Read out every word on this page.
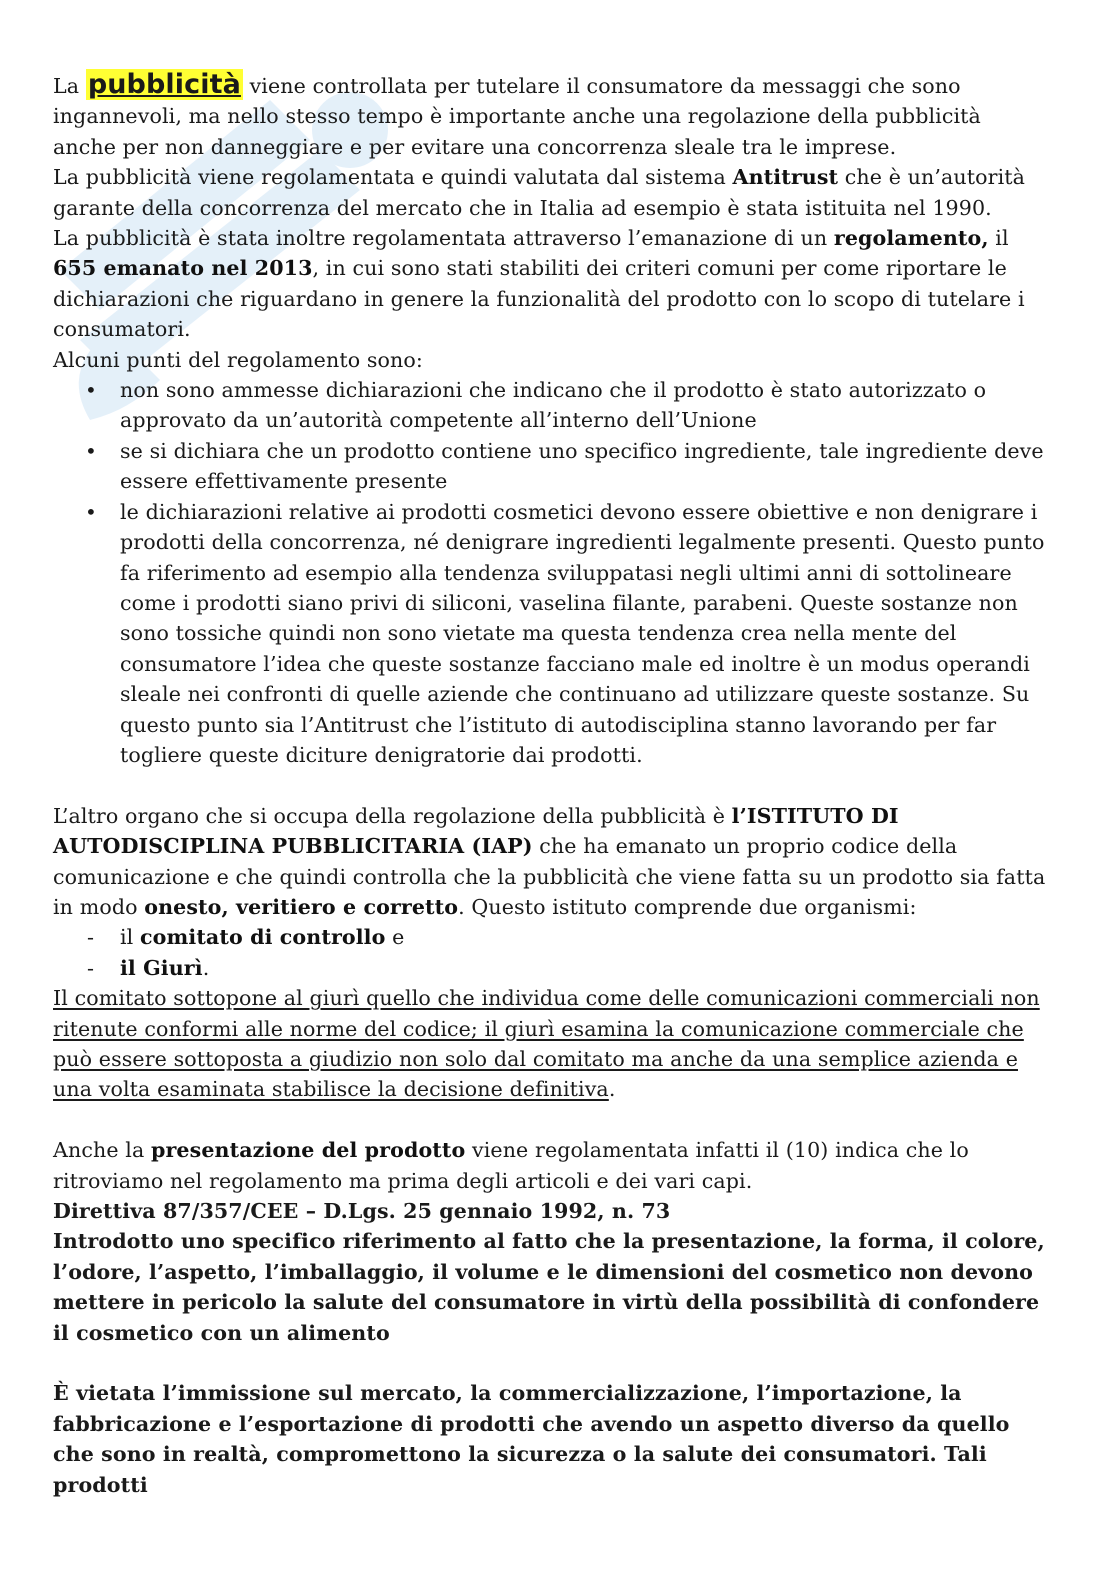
La pubblicità viene controllata per tutelare il consumatore da messaggi che sono ingannevoli, ma nello stesso tempo è importante anche una regolazione della pubblicità anche per non danneggiare e per evitare una concorrenza sleale tra le imprese.

La pubblicità viene regolamentata e quindi valutata dal sistema Antitrust che è un’autorità garante della concorrenza del mercato che in Italia ad esempio è stata istituita nel 1990.

La pubblicità è stata inoltre regolamentata attraverso l’emanazione di un regolamento, il 655 emanato nel 2013, in cui sono stati stabiliti dei criteri comuni per come riportare le dichiarazioni che riguardano in genere la funzionalità del prodotto con lo scopo di tutelare i consumatori.

Alcuni punti del regolamento sono:

• non sono ammesse dichiarazioni che indicano che il prodotto è stato autorizzato o approvato da un’autorità competente all’interno dell’Unione
• se si dichiara che un prodotto contiene uno specifico ingrediente, tale ingrediente deve essere effettivamente presente
• le dichiarazioni relative ai prodotti cosmetici devono essere obiettive e non denigrare i prodotti della concorrenza, né denigrare ingredienti legalmente presenti. Questo punto fa riferimento ad esempio alla tendenza sviluppatasi negli ultimi anni di sottolineare come i prodotti siano privi di siliconi, vaselina filante, parabeni. Queste sostanze non sono tossiche quindi non sono vietate ma questa tendenza crea nella mente del consumatore l’idea che queste sostanze facciano male ed inoltre è un modus operandi sleale nei confronti di quelle aziende che continuano ad utilizzare queste sostanze. Su questo punto sia l’Antitrust che l’istituto di autodisciplina stanno lavorando per far togliere queste diciture denigratorie dai prodotti.

L’altro organo che si occupa della regolazione della pubblicità è l’ISTITUTO DI AUTODISCIPLINA PUBBLICITARIA (IAP) che ha emanato un proprio codice della comunicazione e che quindi controlla che la pubblicità che viene fatta su un prodotto sia fatta in modo onesto, veritiero e corretto. Questo istituto comprende due organismi:

- il comitato di controllo e
- il Giurì.

Il comitato sottopone al giurì quello che individua come delle comunicazioni commerciali non ritenute conformi alle norme del codice; il giurì esamina la comunicazione commerciale che può essere sottoposta a giudizio non solo dal comitato ma anche da una semplice azienda e una volta esaminata stabilisce la decisione definitiva.

Anche la presentazione del prodotto viene regolamentata infatti il (10) indica che lo ritroviamo nel regolamento ma prima degli articoli e dei vari capi.

Direttiva 87/357/CEE – D.Lgs. 25 gennaio 1992, n. 73

Introdotto uno specifico riferimento al fatto che la presentazione, la forma, il colore, l’odore, l’aspetto, l’imballaggio, il volume e le dimensioni del cosmetico non devono mettere in pericolo la salute del consumatore in virtù della possibilità di confondere il cosmetico con un alimento

È vietata l’immissione sul mercato, la commercializzazione, l’importazione, la fabbricazione e l’esportazione di prodotti che avendo un aspetto diverso da quello che sono in realtà, compromettono la sicurezza o la salute dei consumatori. Tali prodotti
